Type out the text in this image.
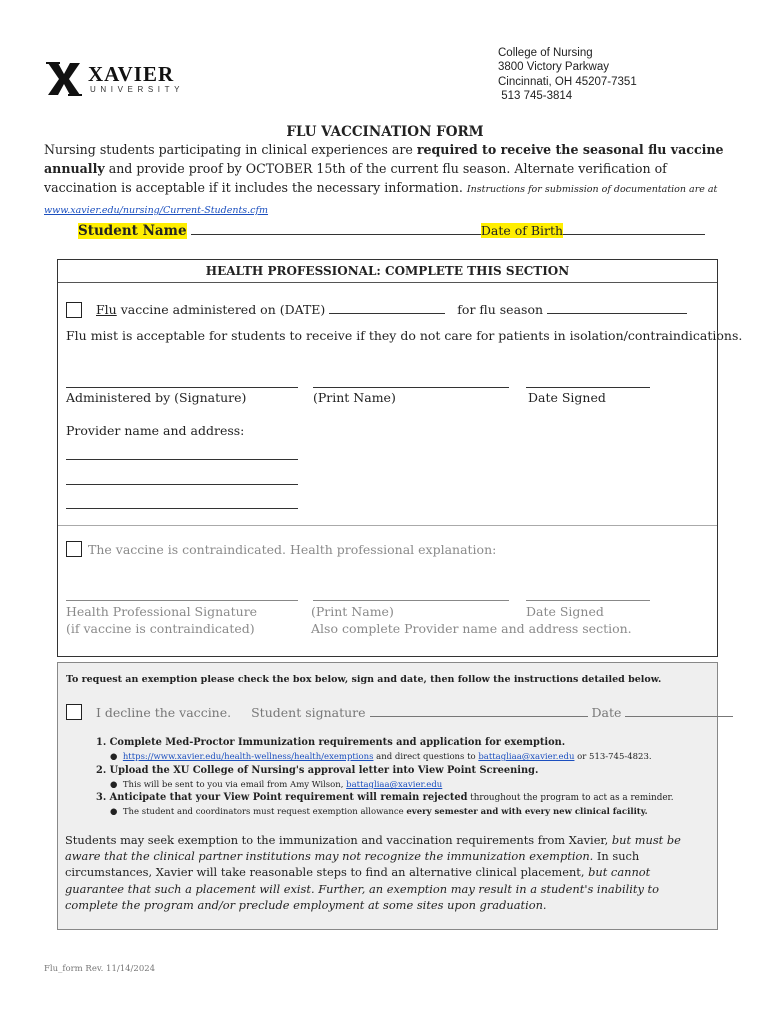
XAVIER
UNIVERSITY
College of Nursing
3800 Victory Parkway
Cincinnati, OH 45207-7351
513 745-3814
FLU VACCINATION FORM
Nursing students participating in clinical experiences are required to receive the seasonal flu vaccine annually and provide proof by OCTOBER 15th of the current flu season. Alternate verification of vaccination is acceptable if it includes the necessary information. Instructions for submission of documentation are at www.xavier.edu/nursing/Current-Students.cfm
Student Name	Date of Birth
HEALTH PROFESSIONAL: COMPLETE THIS SECTION
Flu vaccine administered on (DATE)	for flu season
Flu mist is acceptable for students to receive if they do not care for patients in isolation/contraindications.
Administered by (Signature)	(Print Name)	Date Signed
Provider name and address:
The vaccine is contraindicated. Health professional explanation:
Health Professional Signature
(if vaccine is contraindicated)
(Print Name)	Date Signed
Also complete Provider name and address section.
To request an exemption please check the box below, sign and date, then follow the instructions detailed below.
I decline the vaccine. Student signature	Date
1. Complete Med-Proctor Immunization requirements and application for exemption.
●  https://www.xavier.edu/health-wellness/health/exemptions and direct questions to battagliaa@xavier.edu or 513-745-4823.
2. Upload the XU College of Nursing's approval letter into View Point Screening.
●  This will be sent to you via email from Amy Wilson, battagliaa@xavier.edu
3. Anticipate that your View Point requirement will remain rejected throughout the program to act as a reminder.
●  The student and coordinators must request exemption allowance every semester and with every new clinical facility.
Students may seek exemption to the immunization and vaccination requirements from Xavier, but must be aware that the clinical partner institutions may not recognize the immunization exemption. In such circumstances, Xavier will take reasonable steps to find an alternative clinical placement, but cannot guarantee that such a placement will exist. Further, an exemption may result in a student's inability to complete the program and/or preclude employment at some sites upon graduation.
Flu_form Rev. 11/14/2024
